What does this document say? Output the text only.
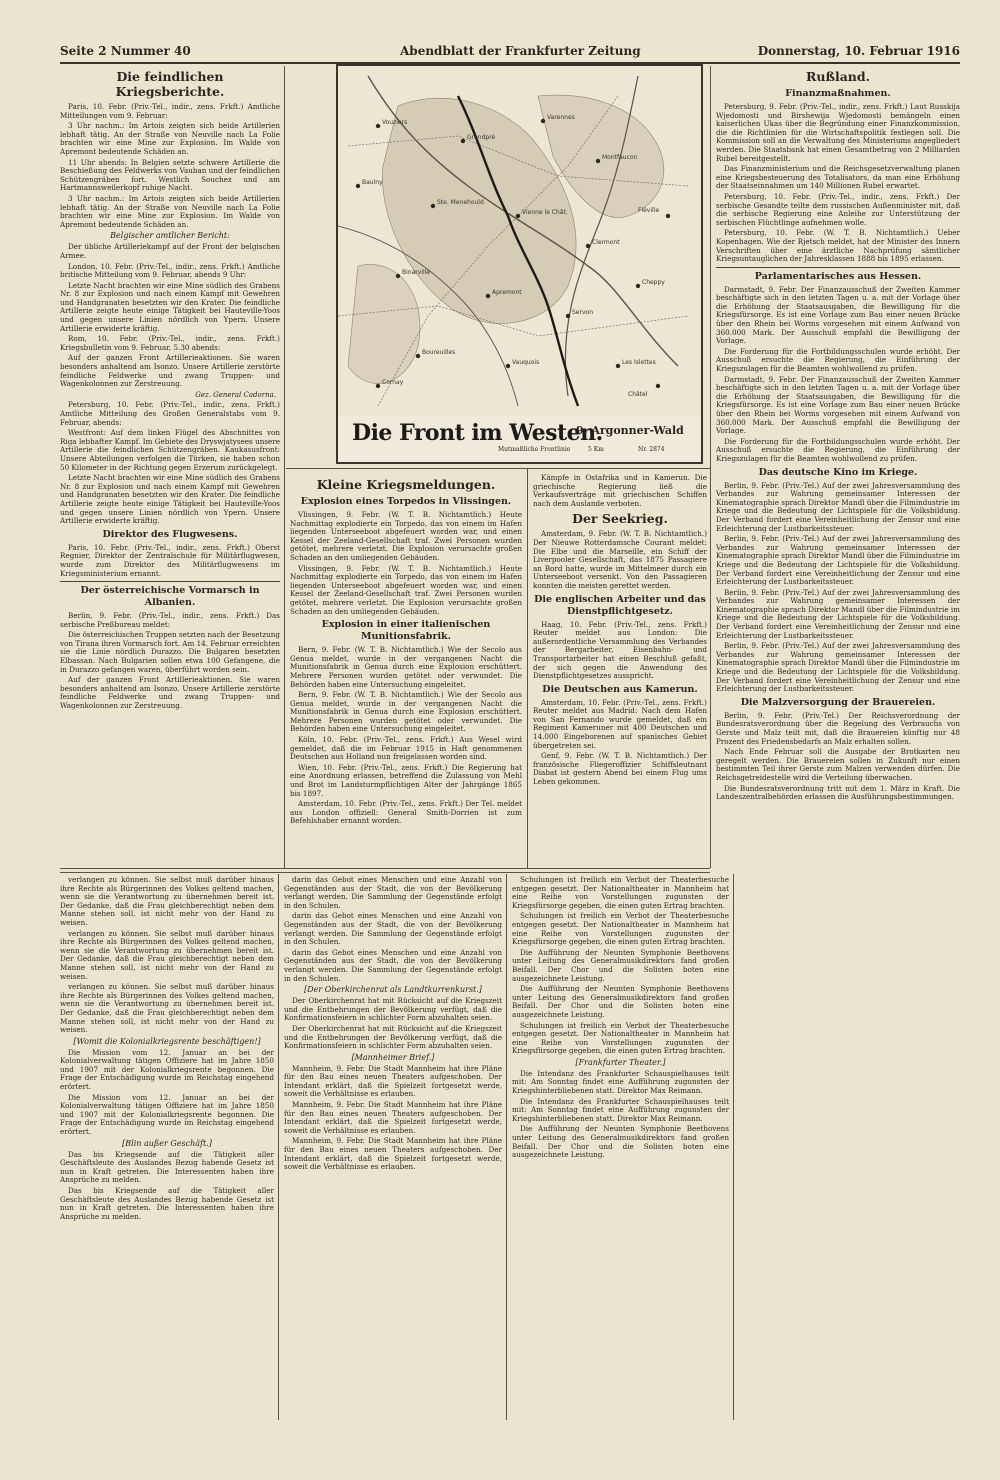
Seite 2 Nummer 40	Abendblatt der Frankfurter Zeitung	Donnerstag, 10. Februar 1916
Die feindlichen Kriegsberichte.

Paris, 10. Febr. (Priv.-Tel., indir., zens. Frkft.) Amtliche Mitteilungen vom 9. Februar:

3 Uhr nachm.: Im Artois zeigten sich beide Artillerien lebhaft tätig. An der Straße von Neuville nach La Folie brachten wir eine Mine zur Explosion. Im Walde von Apremont bedeutende Schäden an.

11 Uhr abends: In Belgien setzte schwere Artillerie die Beschießung des Feldwerks von Vauban und der feindlichen Schützengräben fort. Westlich Souchez und am Hartmannsweilerkopf ruhige Nacht.

3 Uhr nachm.: Im Artois zeigten sich beide Artillerien lebhaft tätig. An der Straße von Neuville nach La Folie brachten wir eine Mine zur Explosion. Im Walde von Apremont bedeutende Schäden an.

Belgischer amtlicher Bericht:

Der übliche Artilleriekampf auf der Front der belgischen Armee.

London, 10. Febr. (Priv.-Tel., indir., zens. Frkft.) Amtliche britische Mitteilung vom 9. Februar, abends 9 Uhr:

Letzte Nacht brachten wir eine Mine südlich des Grabens Nr. 8 zur Explosion und nach einem Kampf mit Gewehren und Handgranaten besetzten wir den Krater. Die feindliche Artillerie zeigte heute einige Tätigkeit bei Hauteville-Yoos und gegen unsere Linien nördlich von Ypern. Unsere Artillerie erwiderte kräftig.

Rom, 10. Febr. (Priv.-Tel., indir., zens. Frkft.) Kriegsbulletin vom 9. Februar, 5.30 abends:

Auf der ganzen Front Artillerieaktionen. Sie waren besonders anhaltend am Isonzo. Unsere Artillerie zerstörte feindliche Feldwerke und zwang Truppen- und Wagenkolonnen zur Zerstreuung.

Gez. General Cadorna.

Petersburg, 10. Febr. (Priv.-Tel., indir., zens. Frkft.) Amtliche Mitteilung des Großen Generalstabs vom 9. Februar, abends:

Westfront: Auf dem linken Flügel des Abschnittes von Riga lebhafter Kampf. Im Gebiete des Dryswjatysees unsere Artillerie die feindlichen Schützengräben. Kaukasusfront: Unsere Abteilungen verfolgen die Türken, sie haben schon 50 Kilometer in der Richtung gegen Erzerum zurückgelegt.

Letzte Nacht brachten wir eine Mine südlich des Grabens Nr. 8 zur Explosion und nach einem Kampf mit Gewehren und Handgranaten besetzten wir den Krater. Die feindliche Artillerie zeigte heute einige Tätigkeit bei Hauteville-Yoos und gegen unsere Linien nördlich von Ypern. Unsere Artillerie erwiderte kräftig.

Direktor des Flugwesens.

Paris, 10. Febr. (Priv.-Tel., indir., zens. Frkft.) Oberst Regnier, Direktor der Zentralschule für Militärflugwesen, wurde zum Direktor des Militärflugwesens im Kriegsministerium ernannt.

Der österreichische Vormarsch in Albanien.

Berlin, 9. Febr. (Priv.-Tel., indir., zens. Frkft.) Das serbische Preßbureau meldet:

Die österreichischen Truppen setzten nach der Besetzung von Tirana ihren Vormarsch fort. Am 14. Februar erreichten sie die Linie nördlich Durazzo. Die Bulgaren besetzten Elbassan. Nach Bulgarien sollen etwa 100 Gefangene, die in Durazzo gefangen waren, überführt worden sein.

Auf der ganzen Front Artillerieaktionen. Sie waren besonders anhaltend am Isonzo. Unsere Artillerie zerstörte feindliche Feldwerke und zwang Truppen- und Wagenkolonnen zur Zerstreuung.

Vouziers
Grandpré
Varennes
Montfaucon
Ste. Menehould
Vienne le Chât.
Clermont
Binarville
Apremont
Servon
Cheppy
Boureuilles
Vauquois	Les Islettes
Fléville
Cornay
Châtel
Baulny
Die Front im Westen.
9. Argonner-Wald
Mutmaßliche Frontlinie	5 Km	Nr. 2874
Kleine Kriegsmeldungen.
Explosion eines Torpedos in Vlissingen.

Vlissingen, 9. Febr. (W. T. B. Nichtamtlich.) Heute Nachmittag explodierte ein Torpedo, das von einem im Hafen liegenden Unterseeboot abgefeuert worden war, und einen Kessel der Zeeland-Gesellschaft traf. Zwei Personen wurden getötet, mehrere verletzt. Die Explosion verursachte großen Schaden an den umliegenden Gebäuden.

Vlissingen, 9. Febr. (W. T. B. Nichtamtlich.) Heute Nachmittag explodierte ein Torpedo, das von einem im Hafen liegenden Unterseeboot abgefeuert worden war, und einen Kessel der Zeeland-Gesellschaft traf. Zwei Personen wurden getötet, mehrere verletzt. Die Explosion verursachte großen Schaden an den umliegenden Gebäuden.

Explosion in einer italienischen Munitionsfabrik.

Bern, 9. Febr. (W. T. B. Nichtamtlich.) Wie der Secolo aus Genua meldet, wurde in der vergangenen Nacht die Munitionsfabrik in Genua durch eine Explosion erschüttert. Mehrere Personen wurden getötet oder verwundet. Die Behörden haben eine Untersuchung eingeleitet.

Bern, 9. Febr. (W. T. B. Nichtamtlich.) Wie der Secolo aus Genua meldet, wurde in der vergangenen Nacht die Munitionsfabrik in Genua durch eine Explosion erschüttert. Mehrere Personen wurden getötet oder verwundet. Die Behörden haben eine Untersuchung eingeleitet.

Köln, 10. Febr. (Priv.-Tel., zens. Frkft.) Aus Wesel wird gemeldet, daß die im Februar 1915 in Haft genommenen Deutschen aus Holland nun freigelassen worden sind.

Wien, 10. Febr. (Priv.-Tel., zens. Frkft.) Die Regierung hat eine Anordnung erlassen, betreffend die Zulassung von Mehl und Brot im Landsturmpflichtigen Alter der Jahrgänge 1865 bis 1897.

Amsterdam, 10. Febr. (Priv.-Tel., zens. Frkft.) Der Tel. meldet aus London offiziell: General Smith-Dorrien ist zum Befehlshaber ernannt worden.

Kämpfe in Ostafrika und in Kamerun. Die griechische Regierung ließ die Verkaufsverträge mit griechischen Schiffen nach dem Auslande verboten.

Der Seekrieg.

Amsterdam, 9. Febr. (W. T. B. Nichtamtlich.) Der Nieuwe Rotterdamsche Courant meldet: Die Elbe und die Marseille, ein Schiff der Liverpooler Gesellschaft, das 1875 Passagiere an Bord hatte, wurde im Mittelmeer durch ein Unterseeboot versenkt. Von den Passagieren konnten die meisten gerettet werden.

Die englischen Arbeiter und das Dienstpflichtgesetz.

Haag, 10. Febr. (Priv.-Tel., zens. Frkft.) Reuter meldet aus London: Die außerordentliche Versammlung des Verbandes der Bergarbeiter, Eisenbahn- und Transportarbeiter hat einen Beschluß gefaßt, der sich gegen die Anwendung des Dienstpflichtgesetzes ausspricht.

Die Deutschen aus Kamerun.

Amsterdam, 10. Febr. (Priv.-Tel., zens. Frkft.) Reuter meldet aus Madrid: Nach dem Hafen von San Fernando wurde gemeldet, daß ein Regiment Kameruner mit 400 Deutschen und 14.000 Eingeborenen auf spanisches Gebiet übergetreten sei.

Genf, 9. Febr. (W. T. B. Nichtamtlich.) Der französische Fliegeroffizier Schiffsleutnant Diabat ist gestern Abend bei einem Flug ums Leben gekommen.

Rußland.
Finanzmaßnahmen.

Petersburg, 9. Febr. (Priv.-Tel., indir., zens. Frkft.) Laut Russkija Wjedomosti und Birshewija Wjedomosti bemängeln einen kaiserlichen Ukas über die Begründung einer Finanzkommission, die die Richtlinien für die Wirtschaftspolitik festlegen soll. Die Kommission soll an die Verwaltung des Ministeriums angegliedert werden. Die Staatsbank hat einen Gesamtbetrag von 2 Milliarden Rubel bereitgestellt.

Das Finanzministerium und die Reichsgesetzverwaltung planen eine Kriegsbesteuerung des Totalisators, da man eine Erhöhung der Staatseinnahmen um 140 Millionen Rubel erwartet.

Petersburg, 10. Febr. (Priv.-Tel., indir., zens. Frkft.) Der serbische Gesandte teilte dem russischen Außenminister mit, daß die serbische Regierung eine Anleihe zur Unterstützung der serbischen Flüchtlinge aufnehmen wolle.

Petersburg, 10. Febr. (W. T. B. Nichtamtlich.) Ueber Kopenhagen. Wie der Rjetsch meldet, hat der Minister des Innern Verschriften über eine ärztliche Nachprüfung sämtlicher Kriegsuntauglichen der Jahresklassen 1888 bis 1895 erlassen.

Parlamentarisches aus Hessen.

Darmstadt, 9. Febr. Der Finanzausschuß der Zweiten Kammer beschäftigte sich in den letzten Tagen u. a. mit der Vorlage über die Erhöhung der Staatsausgaben, die Bewilligung für die Kriegsfürsorge. Es ist eine Vorlage zum Bau einer neuen Brücke über den Rhein bei Worms vorgesehen mit einem Aufwand von 360.000 Mark. Der Ausschuß empfahl die Bewilligung der Vorlage.

Die Forderung für die Fortbildungsschulen wurde erhöht. Der Ausschuß ersuchte die Regierung, die Einführung der Kriegszulagen für die Beamten wohlwollend zu prüfen.

Darmstadt, 9. Febr. Der Finanzausschuß der Zweiten Kammer beschäftigte sich in den letzten Tagen u. a. mit der Vorlage über die Erhöhung der Staatsausgaben, die Bewilligung für die Kriegsfürsorge. Es ist eine Vorlage zum Bau einer neuen Brücke über den Rhein bei Worms vorgesehen mit einem Aufwand von 360.000 Mark. Der Ausschuß empfahl die Bewilligung der Vorlage.

Die Forderung für die Fortbildungsschulen wurde erhöht. Der Ausschuß ersuchte die Regierung, die Einführung der Kriegszulagen für die Beamten wohlwollend zu prüfen.

Das deutsche Kino im Kriege.

Berlin, 9. Febr. (Priv.-Tel.) Auf der zwei Jahresversammlung des Verbandes zur Wahrung gemeinsamer Interessen der Kinematographie sprach Direktor Mandl über die Filmindustrie im Kriege und die Bedeutung der Lichtspiele für die Volksbildung. Der Verband fordert eine Vereinheitlichung der Zensur und eine Erleichterung der Lustbarkeitssteuer.

Berlin, 9. Febr. (Priv.-Tel.) Auf der zwei Jahresversammlung des Verbandes zur Wahrung gemeinsamer Interessen der Kinematographie sprach Direktor Mandl über die Filmindustrie im Kriege und die Bedeutung der Lichtspiele für die Volksbildung. Der Verband fordert eine Vereinheitlichung der Zensur und eine Erleichterung der Lustbarkeitssteuer.

Berlin, 9. Febr. (Priv.-Tel.) Auf der zwei Jahresversammlung des Verbandes zur Wahrung gemeinsamer Interessen der Kinematographie sprach Direktor Mandl über die Filmindustrie im Kriege und die Bedeutung der Lichtspiele für die Volksbildung. Der Verband fordert eine Vereinheitlichung der Zensur und eine Erleichterung der Lustbarkeitssteuer.

Berlin, 9. Febr. (Priv.-Tel.) Auf der zwei Jahresversammlung des Verbandes zur Wahrung gemeinsamer Interessen der Kinematographie sprach Direktor Mandl über die Filmindustrie im Kriege und die Bedeutung der Lichtspiele für die Volksbildung. Der Verband fordert eine Vereinheitlichung der Zensur und eine Erleichterung der Lustbarkeitssteuer.

Die Malzversorgung der Brauereien.

Berlin, 9. Febr. (Priv.-Tel.) Der Reichsverordnung der Bundesratsverordnung über die Regelung des Verbrauchs von Gerste und Malz teilt mit, daß die Brauereien künftig nur 48 Prozent des Friedensbedarfs an Malz erhalten sollen.

Nach Ende Februar soll die Ausgabe der Brotkarten neu geregelt werden. Die Brauereien sollen in Zukunft nur einen bestimmten Teil ihrer Gerste zum Malzen verwenden dürfen. Die Reichsgetreidestelle wird die Verteilung überwachen.

Die Bundesratsverordnung tritt mit dem 1. März in Kraft. Die Landeszentralbehörden erlassen die Ausführungsbestimmungen.

verlangen zu können. Sie selbst muß darüber hinaus ihre Rechte als Bürgerinnen des Volkes geltend machen, wenn sie die Verantwortung zu übernehmen bereit ist. Der Gedanke, daß die Frau gleichberechtigt neben dem Manne stehen soll, ist nicht mehr von der Hand zu weisen.

verlangen zu können. Sie selbst muß darüber hinaus ihre Rechte als Bürgerinnen des Volkes geltend machen, wenn sie die Verantwortung zu übernehmen bereit ist. Der Gedanke, daß die Frau gleichberechtigt neben dem Manne stehen soll, ist nicht mehr von der Hand zu weisen.

verlangen zu können. Sie selbst muß darüber hinaus ihre Rechte als Bürgerinnen des Volkes geltend machen, wenn sie die Verantwortung zu übernehmen bereit ist. Der Gedanke, daß die Frau gleichberechtigt neben dem Manne stehen soll, ist nicht mehr von der Hand zu weisen.

[Womit die Kolonialkriegsrente beschäftigen!]

Die Mission vom 12. Januar an bei der Kolonialverwaltung tätigen Offiziere hat im Jahre 1850 und 1907 mit der Kolonialkriegsrente begonnen. Die Frage der Entschädigung wurde im Reichstag eingehend erörtert.

Die Mission vom 12. Januar an bei der Kolonialverwaltung tätigen Offiziere hat im Jahre 1850 und 1907 mit der Kolonialkriegsrente begonnen. Die Frage der Entschädigung wurde im Reichstag eingehend erörtert.

[Blin außer Geschäft.]

Das bis Kriegsende auf die Tätigkeit aller Geschäftsleute des Auslandes Bezug habende Gesetz ist nun in Kraft getreten. Die Interessenten haben ihre Ansprüche zu melden.

Das bis Kriegsende auf die Tätigkeit aller Geschäftsleute des Auslandes Bezug habende Gesetz ist nun in Kraft getreten. Die Interessenten haben ihre Ansprüche zu melden.

darin das Gebot eines Menschen und eine Anzahl von Gegenständen aus der Stadt, die von der Bevölkerung verlangt werden. Die Sammlung der Gegenstände erfolgt in den Schulen.

darin das Gebot eines Menschen und eine Anzahl von Gegenständen aus der Stadt, die von der Bevölkerung verlangt werden. Die Sammlung der Gegenstände erfolgt in den Schulen.

darin das Gebot eines Menschen und eine Anzahl von Gegenständen aus der Stadt, die von der Bevölkerung verlangt werden. Die Sammlung der Gegenstände erfolgt in den Schulen.

[Der Oberkirchenrat als Landtkurrenkurst.]

Der Oberkirchenrat hat mit Rücksicht auf die Kriegszeit und die Entbehrungen der Bevölkerung verfügt, daß die Konfirmationsfeiern in schlichter Form abzuhalten seien.

Der Oberkirchenrat hat mit Rücksicht auf die Kriegszeit und die Entbehrungen der Bevölkerung verfügt, daß die Konfirmationsfeiern in schlichter Form abzuhalten seien.

[Mannheimer Brief.]

Mannheim, 9. Febr. Die Stadt Mannheim hat ihre Pläne für den Bau eines neuen Theaters aufgeschoben. Der Intendant erklärt, daß die Spielzeit fortgesetzt werde, soweit die Verhältnisse es erlauben.

Mannheim, 9. Febr. Die Stadt Mannheim hat ihre Pläne für den Bau eines neuen Theaters aufgeschoben. Der Intendant erklärt, daß die Spielzeit fortgesetzt werde, soweit die Verhältnisse es erlauben.

Mannheim, 9. Febr. Die Stadt Mannheim hat ihre Pläne für den Bau eines neuen Theaters aufgeschoben. Der Intendant erklärt, daß die Spielzeit fortgesetzt werde, soweit die Verhältnisse es erlauben.

Schulungen ist freilich ein Verbot der Theaterbesuche entgegen gesetzt. Der Nationaltheater in Mannheim hat eine Reihe von Vorstellungen zugunsten der Kriegsfürsorge gegeben, die einen guten Ertrag brachten.

Schulungen ist freilich ein Verbot der Theaterbesuche entgegen gesetzt. Der Nationaltheater in Mannheim hat eine Reihe von Vorstellungen zugunsten der Kriegsfürsorge gegeben, die einen guten Ertrag brachten.

Die Aufführung der Neunten Symphonie Beethovens unter Leitung des Generalmusikdirektors fand großen Beifall. Der Chor und die Solisten boten eine ausgezeichnete Leistung.

Die Aufführung der Neunten Symphonie Beethovens unter Leitung des Generalmusikdirektors fand großen Beifall. Der Chor und die Solisten boten eine ausgezeichnete Leistung.

Schulungen ist freilich ein Verbot der Theaterbesuche entgegen gesetzt. Der Nationaltheater in Mannheim hat eine Reihe von Vorstellungen zugunsten der Kriegsfürsorge gegeben, die einen guten Ertrag brachten.

[Frankfurter Theater.]

Die Intendanz des Frankfurter Schauspielhauses teilt mit: Am Sonntag findet eine Aufführung zugunsten der Kriegshinterbliebenen statt. Direktor Max Reimann.

Die Intendanz des Frankfurter Schauspielhauses teilt mit: Am Sonntag findet eine Aufführung zugunsten der Kriegshinterbliebenen statt. Direktor Max Reimann.

Die Aufführung der Neunten Symphonie Beethovens unter Leitung des Generalmusikdirektors fand großen Beifall. Der Chor und die Solisten boten eine ausgezeichnete Leistung.
